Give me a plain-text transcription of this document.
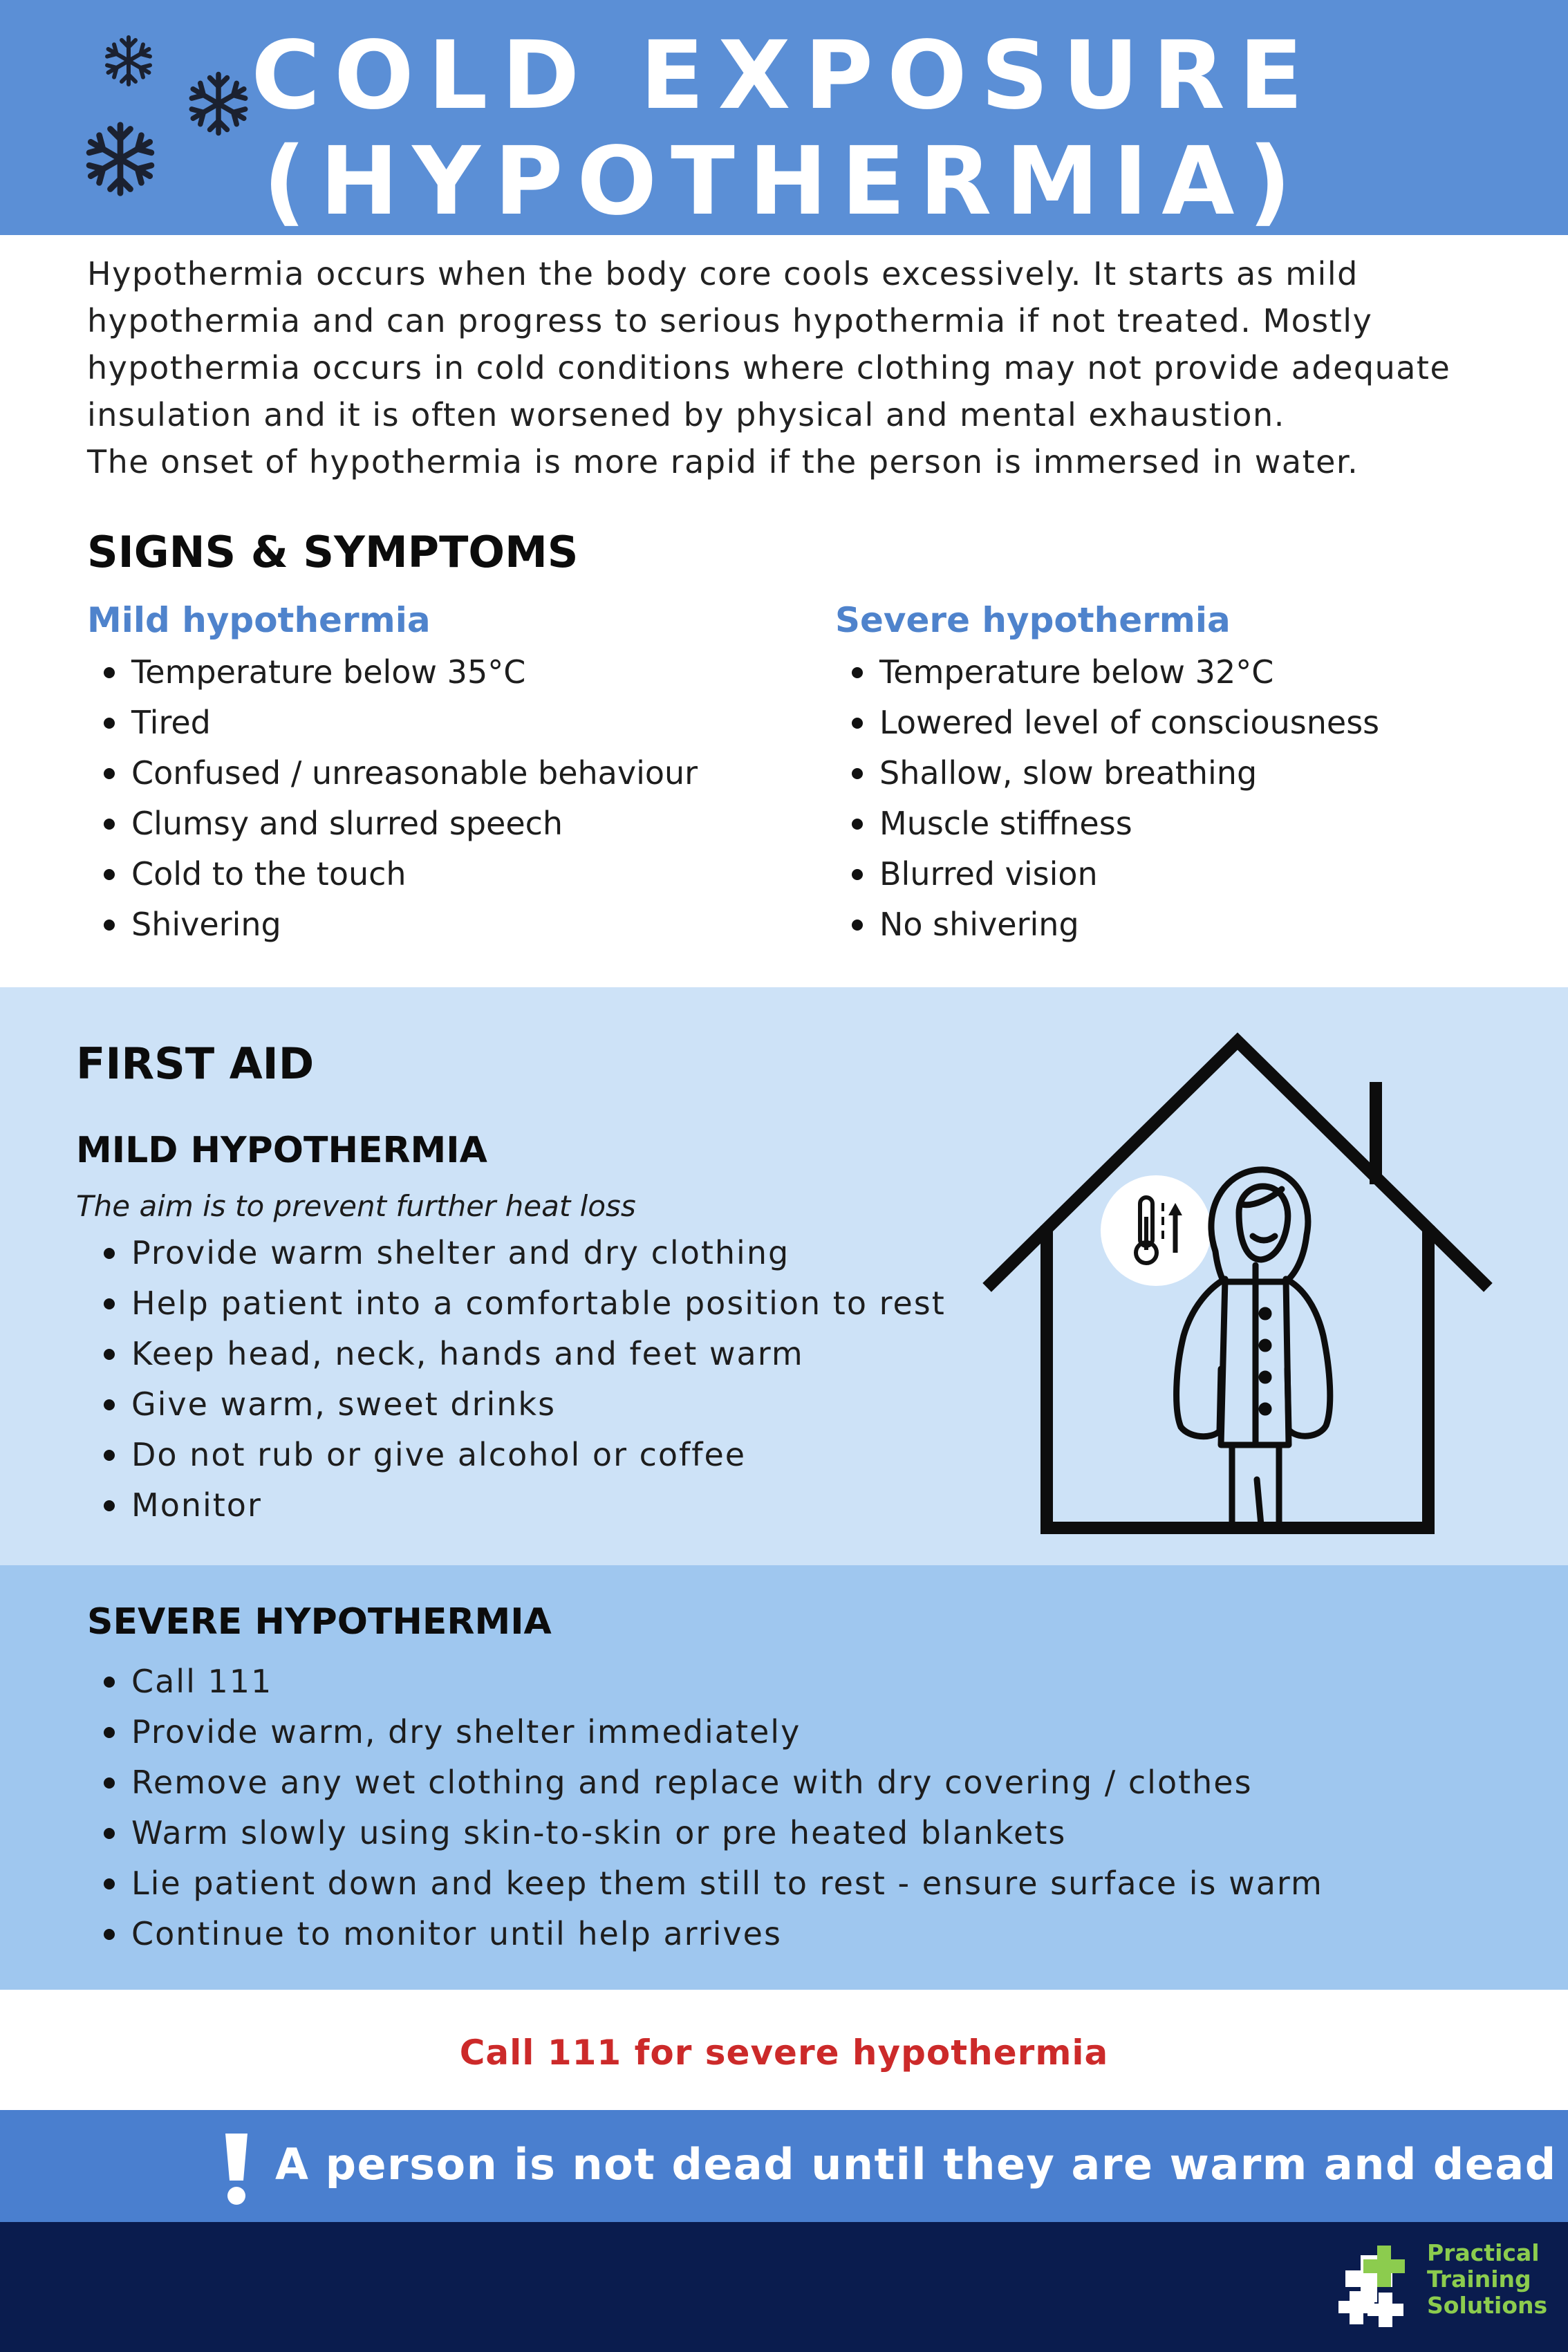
COLD EXPOSURE
(HYPOTHERMIA)
Hypothermia occurs when the body core cools excessively. It starts as mild
hypothermia and can progress to serious hypothermia if not treated. Mostly
hypothermia occurs in cold conditions where clothing may not provide adequate
insulation and it is often worsened by physical and mental exhaustion.
The onset of hypothermia is more rapid if the person is immersed in water.
SIGNS & SYMPTOMS
Mild hypothermia	Severe hypothermia
Temperature below 35°C
Tired
Confused / unreasonable behaviour
Clumsy and slurred speech
Cold to the touch
Shivering
Temperature below 32°C
Lowered level of consciousness
Shallow, slow breathing
Muscle stiffness
Blurred vision
No shivering
FIRST AID
MILD HYPOTHERMIA
The aim is to prevent further heat loss
Provide warm shelter and dry clothing
Help patient into a comfortable position to rest
Keep head, neck, hands and feet warm
Give warm, sweet drinks
Do not rub or give alcohol or coffee
Monitor
SEVERE HYPOTHERMIA
Call 111
Provide warm, dry shelter immediately
Remove any wet clothing and replace with dry covering / clothes
Warm slowly using skin-to-skin or pre heated blankets
Lie patient down and keep them still to rest - ensure surface is warm
Continue to monitor until help arrives
Call 111 for severe hypothermia
A person is not dead until they are warm and dead
Practical
Training
Solutions
